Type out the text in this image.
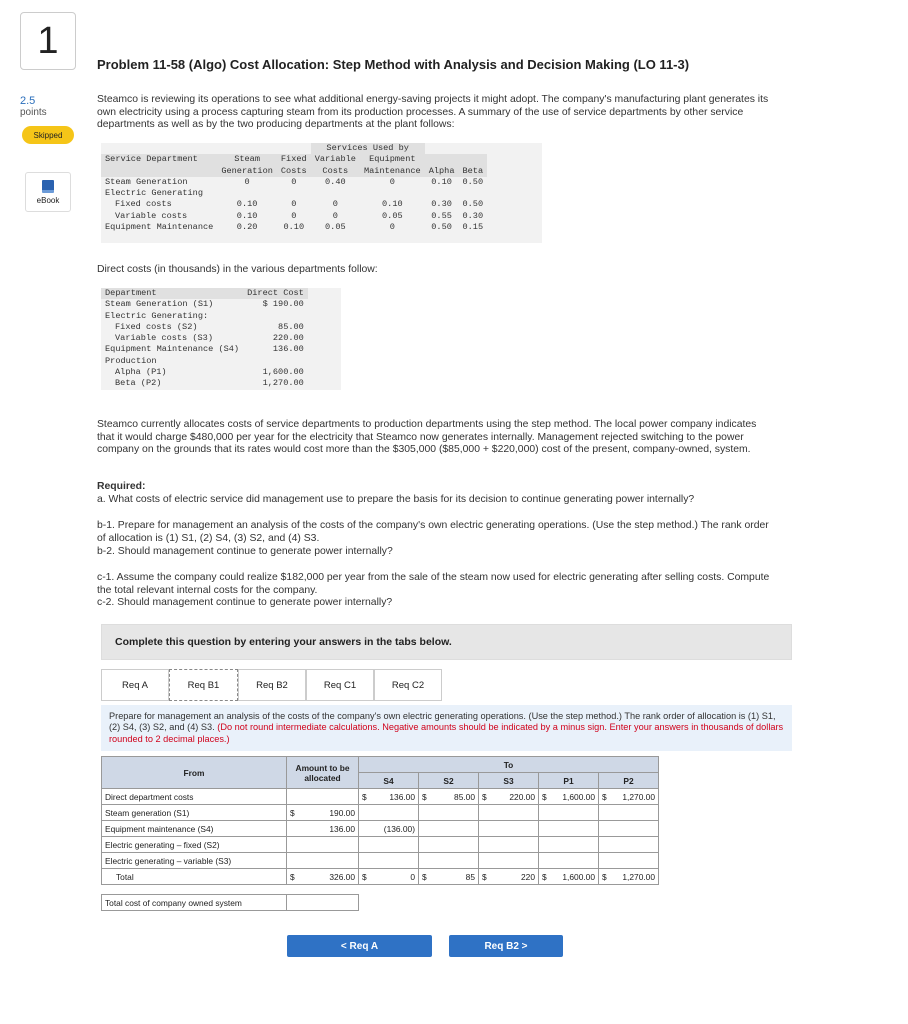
1
2.5
points
Skipped
eBook
Problem 11-58 (Algo) Cost Allocation: Step Method with Analysis and Decision Making (LO 11-3)
Steamco is reviewing its operations to see what additional energy-saving projects it might adopt. The company's manufacturing plant generates its own electricity using a process capturing steam from its production processes. A summary of the use of service departments by other service departments as well as by the two producing departments at the plant follows:
			Services Used by			
Service Department	Steam	Fixed	Variable	Equipment		
	Generation	Costs	Costs	Maintenance	Alpha	Beta
Steam Generation	0	0	0.40	0	0.10	0.50
Electric Generating						
Fixed costs	0.10	0	0	0.10	0.30	0.50
Variable costs	0.10	0	0	0.05	0.55	0.30
Equipment Maintenance	0.20	0.10	0.05	0	0.50	0.15
Direct costs (in thousands) in the various departments follow:
Department	Direct Cost
Steam Generation (S1)	$ 190.00
Electric Generating:	
Fixed costs (S2)	85.00
Variable costs (S3)	220.00
Equipment Maintenance (S4)	136.00
Production	
Alpha (P1)	1,600.00
Beta (P2)	1,270.00
Steamco currently allocates costs of service departments to production departments using the step method. The local power company indicates that it would charge $480,000 per year for the electricity that Steamco now generates internally. Management rejected switching to the power company on the grounds that its rates would cost more than the $305,000 ($85,000 + $220,000) cost of the present, company-owned, system.
Required:
a. What costs of electric service did management use to prepare the basis for its decision to continue generating power internally?
b-1. Prepare for management an analysis of the costs of the company's own electric generating operations. (Use the step method.) The rank order of allocation is (1) S1, (2) S4, (3) S2, and (4) S3.
b-2. Should management continue to generate power internally?
c-1. Assume the company could realize $182,000 per year from the sale of the steam now used for electric generating after selling costs. Compute the total relevant internal costs for the company.
c-2. Should management continue to generate power internally?
Complete this question by entering your answers in the tabs below.
Req A	Req B1	Req B2	Req C1	Req C2
Prepare for management an analysis of the costs of the company's own electric generating operations. (Use the step method.) The rank order of allocation is (1) S1, (2) S4, (3) S2, and (4) S3. (Do not round intermediate calculations. Negative amounts should be indicated by a minus sign. Enter your answers in thousands of dollars rounded to 2 decimal places.)
From	Amount to be
allocated	To				
		S4	S2	S3	P1	P2
Direct department costs		$ 136.00	$ 85.00	$ 220.00	$ 1,600.00	$ 1,270.00
Steam generation (S1)	$ 190.00					
Equipment maintenance (S4)	136.00	(136.00)				
Electric generating – fixed (S2)						
Electric generating – variable (S3)						
Total	$ 326.00	$ 0	$ 85	$ 220	$ 1,600.00	$ 1,270.00

Total cost of company owned system						
< Req A	Req B2 >
